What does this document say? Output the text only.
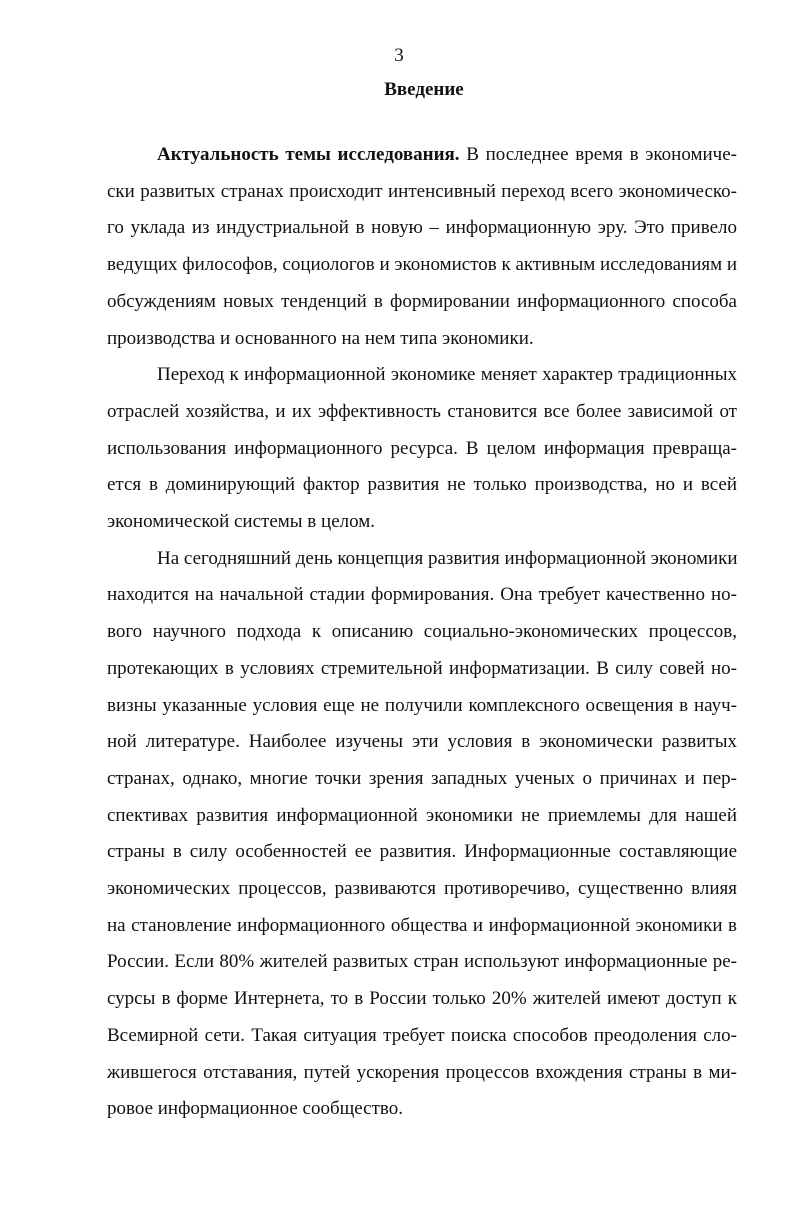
3
Введение

Актуальность темы исследования. В последнее время в экономиче-
ски развитых странах происходит интенсивный переход всего экономическо-
го уклада из индустриальной в новую – информационную эру. Это привело
ведущих философов, социологов и экономистов к активным исследованиям и
обсуждениям новых тенденций в формировании информационного способа
производства и основанного на нем типа экономики.

Переход к информационной экономике меняет характер традиционных
отраслей хозяйства, и их эффективность становится все более зависимой от
использования информационного ресурса. В целом информация превраща-
ется в доминирующий фактор развития не только производства, но и всей
экономической системы в целом.

На сегодняшний день концепция развития информационной экономики
находится на начальной стадии формирования. Она требует качественно но-
вого научного подхода к описанию социально-экономических процессов,
протекающих в условиях стремительной информатизации. В силу совей но-
визны указанные условия еще не получили комплексного освещения в науч-
ной литературе. Наиболее изучены эти условия в экономически развитых
странах, однако, многие точки зрения западных ученых о причинах и пер-
спективах развития информационной экономики не приемлемы для нашей
страны в силу особенностей ее развития. Информационные составляющие
экономических процессов, развиваются противоречиво, существенно влияя
на становление информационного общества и информационной экономики в
России. Если 80% жителей развитых стран используют информационные ре-
сурсы в форме Интернета, то в России только 20% жителей имеют доступ к
Всемирной сети. Такая ситуация требует поиска способов преодоления сло-
жившегося отставания, путей ускорения процессов вхождения страны в ми-
ровое информационное сообщество.
